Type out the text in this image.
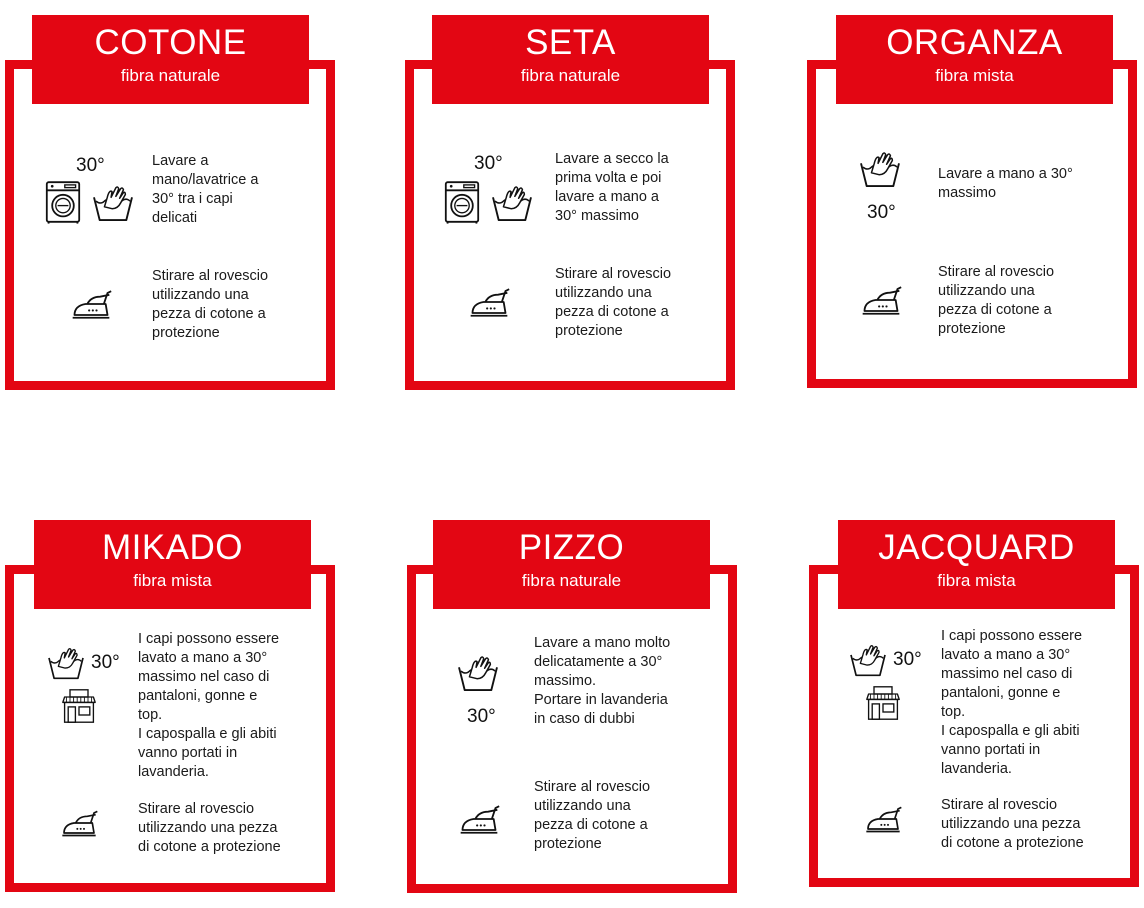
COTONE
fibra naturale
30°	Lavare a
mano/lavatrice a
30° tra i capi
delicati
Stirare al rovescio
utilizzando una
pezza di cotone a
protezione
SETA
fibra naturale
30°	Lavare a secco la
prima volta e poi
lavare a mano a
30° massimo
Stirare al rovescio
utilizzando una
pezza di cotone a
protezione
ORGANZA
fibra mista
30°
Lavare a mano a 30°
massimo
Stirare al rovescio
utilizzando una
pezza di cotone a
protezione
MIKADO
fibra mista
30°
I capi possono essere
lavato a mano a 30°
massimo nel caso di
pantaloni, gonne e
top.
I capospalla e gli abiti
vanno portati in
lavanderia.
Stirare al rovescio
utilizzando una pezza
di cotone a protezione
PIZZO
fibra naturale
30°
Lavare a mano molto
delicatamente a 30°
massimo.
Portare in lavanderia
in caso di dubbi
Stirare al rovescio
utilizzando una
pezza di cotone a
protezione
JACQUARD
fibra mista
30°
I capi possono essere
lavato a mano a 30°
massimo nel caso di
pantaloni, gonne e
top.
I capospalla e gli abiti
vanno portati in
lavanderia.
Stirare al rovescio
utilizzando una pezza
di cotone a protezione
